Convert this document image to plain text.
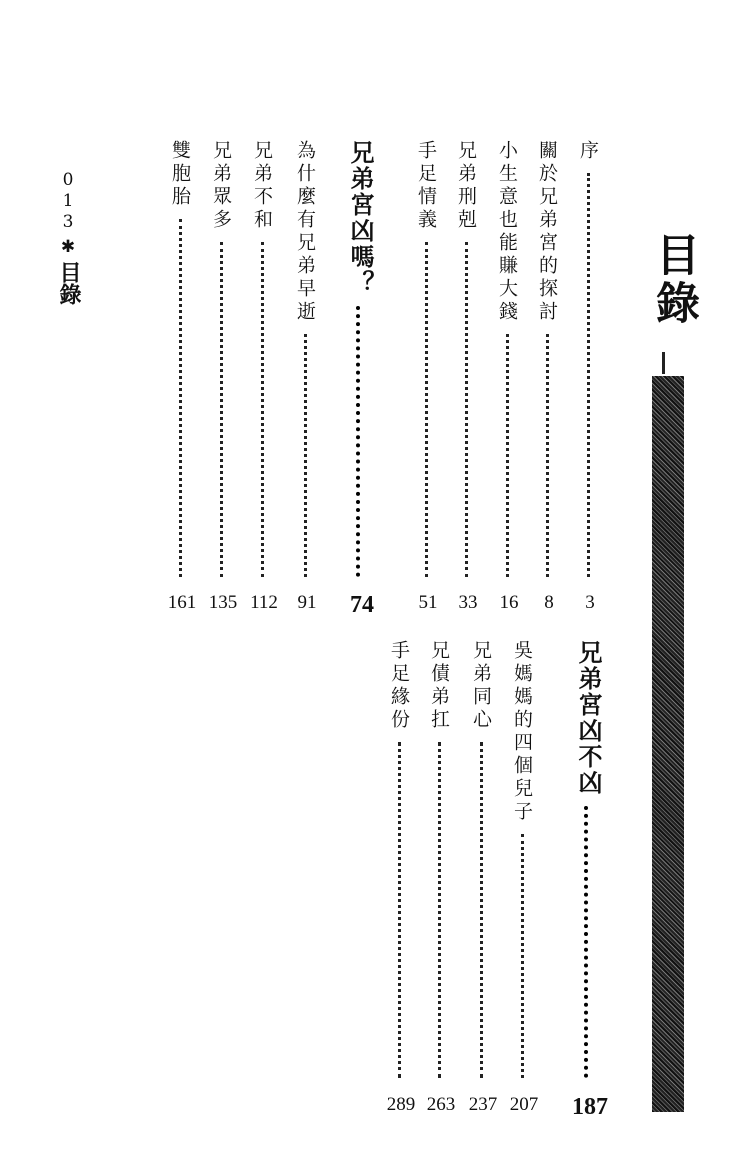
目錄
0
1
3
✱
目錄
序
3
關於兄弟宮的探討
8
小生意也能賺大錢
16
兄弟刑剋
33
手足情義
51
兄弟宮凶嗎？
74
為什麼有兄弟早逝
91
兄弟不和
112
兄弟眾多
135
雙胞胎
161
兄弟宮凶不凶
187
吳媽媽的四個兒子
207
兄弟同心
237
兄債弟扛
263
手足緣份
289
